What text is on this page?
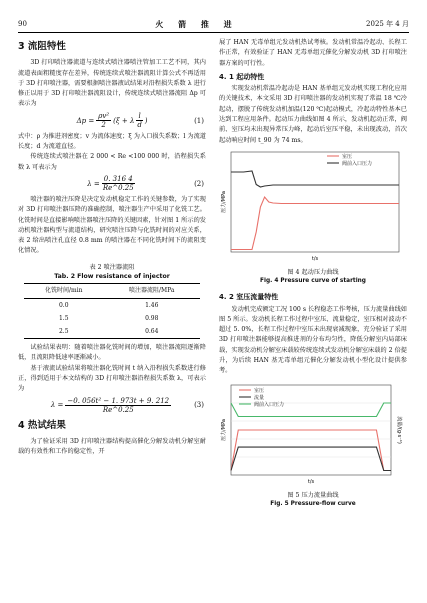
90	火 箭 推 进	2025 年 4 月
3 流阻特性

3D 打印喷注器流道与连续式喷注器喷注管加工工艺不同，其内流道表面粗糙度存在差异，传统连续式喷注器流阻计算公式不再适用于 3D 打印喷注器，需要根据喷注器液试结果对沿程损失系数 λ 进行修正以用于 3D 打印喷注器流阻设计，传统连续式喷注器流阻 Δp 可表示为

$\Delta p = \frac{\text{ρv²}}{2} (\xi + \lambda \frac{l}{d}$ )	(1)

式中：ρ 为推进剂密度；v 为流体速度；ξ 为入口损失系数；l 为流道长度；d 为流道直径。

传统连续式喷注器在 2 000 < Re <100 000 时，沿程损失系数 λ 可表示为

$\lambda = \frac{0. 316 4}{Re\^{}0.25}$	(2)

喷注器的喷注压降是决定发动机稳定工作的关键参数，为了实现对 3D 打印喷注器压降的准确控制，喷注器生产中采用了化铣工艺。化铣时间是直接影响喷注器喷注压降的关键因素，针对图 1 所示的发动机喷注器构型与流道结构，研究喷注压降与化铣时间的对应关系，表 2 给出喷注孔直径 0.8 mm 的喷注器在不同化铣时间下的流阻变化情况。

表 2 喷注器流阻
Tab. 2 Flow resistance of injector
化铣时间/min	喷注器流阻/MPa
0.0	1.46
1.5	0.98
2.5	0.64

试验结果表明：随着喷注器化铣时间的增加，喷注器流阻逐渐降低，且流阻降低速率逐渐减小。

基于液流试验结果将喷注器化铣时间 t 纳入沿程损失系数进行修正，得到适用于本文结构的 3D 打印喷注器沿程损失系数 λ，可表示为

$\lambda = \frac{\text{−0. 056t² − 1. 973t + 9. 212}}{Re\^{}0.25}$	(3)
4 热试结果

为了验证采用 3D 打印喷注器结构提高催化分解发动机分解室耐载的有效性和工作的稳定性，开

展了 HAN 无毒单组元发动机热试考核。发动机常温冷起动、长程工作正常，有效验证了 HAN 无毒单组元催化分解发动机 3D 打印喷注器方案的可行性。

4. 1 起动特性

实现发动机常温冷起动是 HAN 基单组元发动机实现工程化应用的关键技术，本文采用 3D 打印喷注器的发动机实现了常温 18 ℃冷起动，摆脱了传统发动机加温(120 ℃)起动模式，冷起动特性基本已达到工程应用条件。起动压力曲线如图 4 所示，发动机起动正常，阀前、室压均未出现异常压力峰，起动后室压平稳，未出现波动，首次起动响应时间 t_90 为 74 ms。

压力/MPa
t/s
室压
阀前入口压力
图 4 起动压力曲线
Fig. 4 Pressure curve of starting
4. 2 室压流量特性

发动机完成额定工况 100 s 长程稳态工作考核，压力流量曲线如图 5 所示。发动机长程工作过程中室压、流量稳定，室压相对波动不超过 5. 0%，长程工作过程中室压未出现衰减现象，充分验证了采用 3D 打印喷注器能够提高推进剂的分布均匀性，降低分解室内局部床载，实现发动机分解室床载较传统连续式发动机分解室床载的 2 倍提升，为后续 HAN 基无毒单组元催化分解发动机小型化设计提供参考。

压力/MPa	流量/(g·s⁻¹)
t/s
室压
流量
阀前入口压力
图 5 压力流量曲线
Fig. 5 Pressure-flow curve
